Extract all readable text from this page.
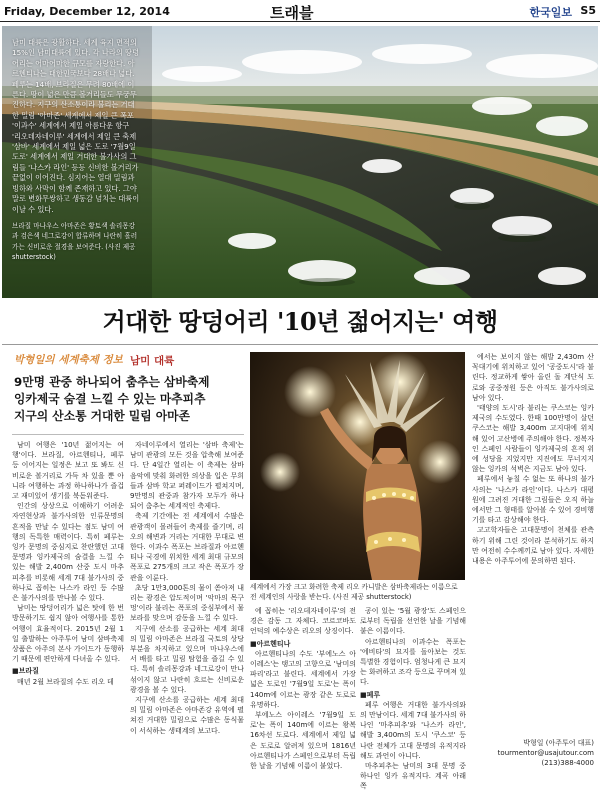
Friday, December 12, 2014	트래블	한국일보 S5

남미 대륙은 광활하다. 세계 육지 면적의 15%인 남미대륙에 있다. 각 나라의 땅덩어리는 어마어마한 규모를 자랑한다. 아르헨티나는 대한민국보다 28배나 넓다. 페루는 14배, 브라질은 무려 80배에 이른다. 땅이 넓은 만큼 볼거리들도 무궁무진하다. 지구의 산소통이라 불리는 거대한 밀림 '아마존' 세계에서 제일 큰 폭포 '이과수' 세계에서 제일 아름다운 항구 '리오데자네이루' 세계에서 제일 큰 축제 '삼바' 세계에서 제일 넓은 도로 '7월9일 도로' 세계에서 제일 거대한 불가사의 그림들 '나스카 라인' 등등 신비한 볼거리가 끝없이 이어진다. 심지어는 열대 밀림과 빙하와 사막이 함께 존재하고 있다. 그야말로 변화무쌍하고 생동감 넘치는 대륙이 이날 수 있다.

브라질 마나우스 아마존은 황토색 솔리몽강과 검은색 네그로강이 합류하며 나란히 흘러가는 신비로운 절경을 보여준다. (사진 제공 shutterstock)

거대한 땅덩어리 '10년 젊어지는' 여행
박형일의 세계축제 정보 남미 대륙
9만명 관중 하나되어 춤추는 삼바축제
잉카제국 숨결 느낄 수 있는 마추피추
지구의 산소통 거대한 밀림 아마존

남미 여행은 '10년 젊어지는 여행'이다. 브라질, 아르헨티나, 페루 등 이어지는 일정은 보고 또 봐도 신비로운 볼거리로 가득 차 있을 뿐 아니라 여행하는 과정 하나하나가 즐겁고 재미있어 생기를 북돋워준다.

인간의 상상으로 이해하기 어려운 자연현상과 불가사의한 인류문명의 흔적을 만날 수 있다는 점도 남미 여행의 독특한 매력이다. 특히 페루는 잉카 문명의 중심지로 찬란했던 고대 문명과 잉카제국의 숨결을 느낄 수 있는 해발 2,400m 산중 도시 마추피추를 비롯해 세계 7대 불가사의 중 하나로 꼽히는 나스카 라인 등 수많은 불가사의를 만나볼 수 있다.

남미는 땅덩어리가 넓은 탓에 한 번 방문하기도 쉽지 않아 여행사를 통한 여행이 효율적이다. 2015년 2월 1일 출발하는 아주투어 남미 삼바축제 상품은 아주의 본사 가이드가 동행하기 때문에 편안하게 다녀올 수 있다.

■브라질

매년 2월 브라질의 수도 리오 데

자네이루에서 열리는 '삼바 축제'는 남미 관광의 모든 것을 압축해 보여준다. 단 4일간 열리는 이 축제는 삼바 음악에 맞춰 화려한 의상을 입은 무희들과 삼바 학교 퍼레이드가 펼쳐지며, 9만명의 관중과 참가자 모두가 하나되어 춤추는 세계적인 축제다.

축제 기간에는 전 세계에서 수많은 관광객이 몰려들어 축제를 즐기며, 리오의 해변과 거리는 거대한 무대로 변한다. 이과수 폭포는 브라질과 아르헨티나 국경에 위치한 세계 최대 규모의 폭포로 275개의 크고 작은 폭포가 장관을 이룬다.

초당 1만3,000톤의 물이 쏟아져 내리는 광경은 압도적이며 '악마의 목구멍'이라 불리는 폭포의 중심부에서 물보라를 맞으며 감동을 느낄 수 있다.

지구에 산소를 공급하는 세계 최대의 밀림 아마존은 브라질 국토의 상당 부분을 차지하고 있으며 마나우스에서 배를 타고 밀림 탐험을 즐길 수 있다. 특히 솔리몽강과 네그로강이 만나 섞이지 않고 나란히 흐르는 신비로운 광경을 볼 수 있다.

지구에 산소를 공급하는 세계 최대의 밀림 아마존은 아마존강 유역에 펼쳐진 거대한 밀림으로 수많은 동식물이 서식하는 생태계의 보고다.

세계에서 가장 크고 화려한 축제 리오 카니발은 삼바축제라는 이름으로 전 세계인의 사랑을 받는다. (사진 제공 shutterstock)

에 꼽히는 '리오데자네이루'의 전경은 감동 그 자체다. 코르코바도 언덕의 예수상은 리오의 상징이다.

■아르헨티나

아르헨티나의 수도 '부에노스 아이레스'는 탱고의 고향으로 '남미의 파리'라고 불린다. 세계에서 가장 넓은 도로인 '7월9일 도로'는 폭이 140m에 이르는 광장 같은 도로로 유명하다.

부에노스 아이레스 '7월9일 도로'는 폭이 140m에 이르는 왕복 16차선 도로다. 세계에서 제일 넓은 도로로 알려져 있으며 1816년 아르헨티나가 스페인으로부터 독립한 날을 기념해 이름이 붙었다.

공이 있는 '5월 광장'도 스페인으로부터 독립을 선언한 날을 기념해 붙은 이름이다.

아르헨티나의 이과수는 폭포는 '에비타'의 묘지를 돌아보는 것도 특별한 경험이다. 엄청나게 큰 묘지는 화려하고 조각 등으로 꾸며져 있다.

■페루

페루 여행은 거대한 불가사의와의 만남이다. 세계 7대 불가사의 하나인 '마추피추'와 '나스카 라인', 해발 3,400m의 도시 '쿠스코' 등 나란 전체가 고대 문명의 유적지라 해도 과언이 아니다.

마추피추는 남미의 3대 문명 중 하나인 잉카 유적지다. 계곡 아래 쪽

에서는 보이지 않는 해발 2,430m 산꼭대기에 위치하고 있어 '공중도시'라 불린다. 정교하게 쌓아 올린 돌 계단식 도로와 공중정원 등은 아직도 불가사의로 남아 있다.

'태양의 도시'라 불리는 쿠스코는 잉카제국의 수도였다. 한때 100만명이 살던 쿠스코는 해발 3,400m 고지대에 위치해 있어 고산병에 주의해야 한다. 정복자인 스페인 사람들이 잉카제국의 흔적 위에 성당을 지었지만 지진에도 무너지지 않는 잉카의 석벽은 지금도 남아 있다.

페루에서 놓칠 수 없는 또 하나의 불가사의는 '나스카 라인'이다. 나스카 대평원에 그려진 거대한 그림들은 오직 하늘에서만 그 형태를 알아볼 수 있어 경비행기를 타고 감상해야 한다.

고고학자들은 고대문명이 천체를 관측하기 위해 그린 것이라 분석하기도 하지만 여전히 수수께끼로 남아 있다. 자세한 내용은 아주투어에 문의하면 된다.

박형일 (아주투어 대표)
tourmentor@usajutour.com
(213)388-4000
